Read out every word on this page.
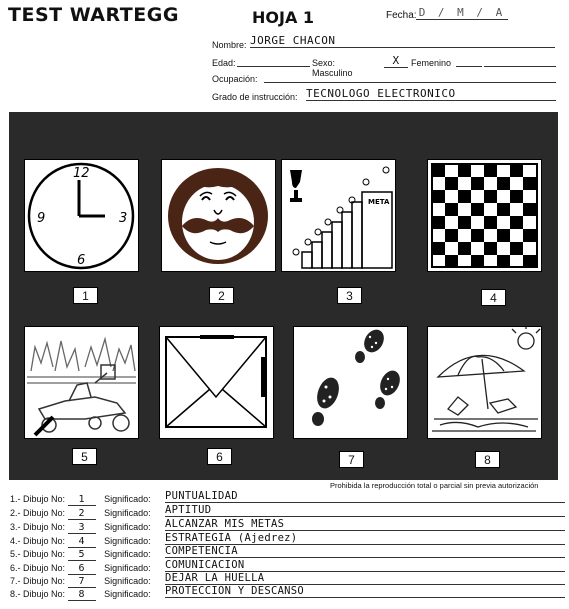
TEST WARTEGG	HOJA 1	Fecha: D / M / A
Nombre: JORGE CHACON
Edad:	Sexo: Masculino
X	Femenino
Ocupación:
Grado de instrucción: TECNOLOGO ELECTRONICO
12
3
6
9
1	2
META
3	4
5	6	7	8
Prohibida la reproducción total o parcial sin previa autorización
1.- Dibujo No: 1 Significado: PUNTUALIDAD
2.- Dibujo No: 2 Significado: APTITUD
3.- Dibujo No: 3 Significado: ALCANZAR MIS METAS
4.- Dibujo No: 4 Significado: ESTRATEGIA (Ajedrez)
5.- Dibujo No: 5 Significado: COMPETENCIA
6.- Dibujo No: 6 Significado: COMUNICACION
7.- Dibujo No: 7 Significado: DEJAR LA HUELLA
8.- Dibujo No: 8 Significado: PROTECCION Y DESCANSO
